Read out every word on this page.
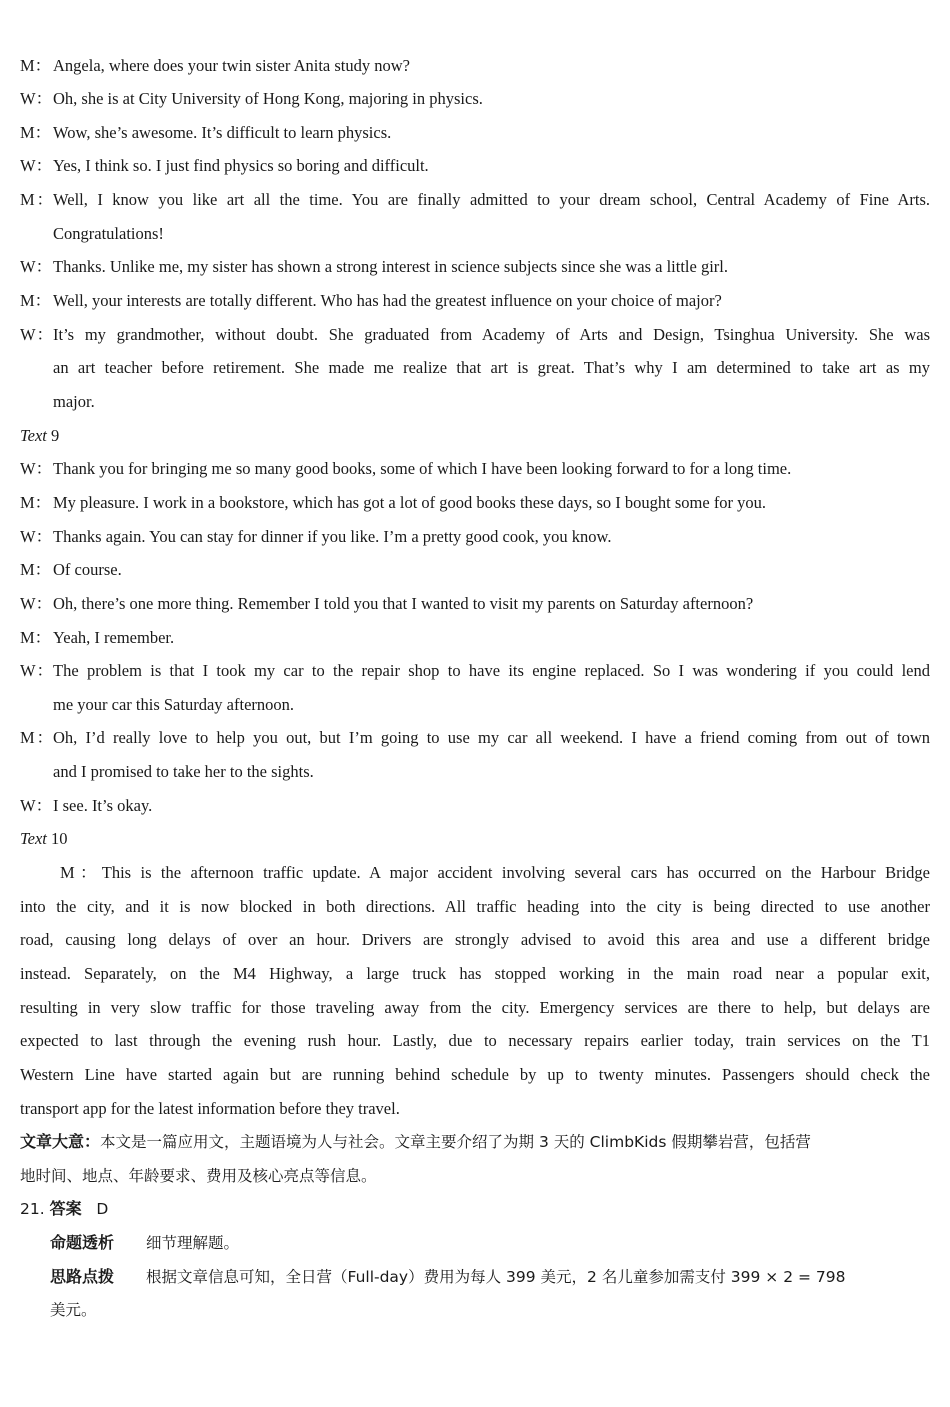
M： Angela, where does your twin sister Anita study now?
W：Oh, she is at City University of Hong Kong, majoring in physics.
M： Wow, she’s awesome. It’s difficult to learn physics.
W：Yes, I think so. I just find physics so boring and difficult.
M：Well, I know you like art all the time. You are finally admitted to your dream school, Central Academy of Fine Arts.
Congratulations!
W：Thanks. Unlike me, my sister has shown a strong interest in science subjects since she was a little girl.
M： Well, your interests are totally different. Who has had the greatest influence on your choice of major?
W：It’s my grandmother, without doubt. She graduated from Academy of Arts and Design, Tsinghua University. She was
an art teacher before retirement. She made me realize that art is great. That’s why I am determined to take art as my
major.
Text 9
W：Thank you for bringing me so many good books, some of which I have been looking forward to for a long time.
M： My pleasure. I work in a bookstore, which has got a lot of good books these days, so I bought some for you.
W：Thanks again. You can stay for dinner if you like. I’m a pretty good cook, you know.
M： Of course.
W：Oh, there’s one more thing. Remember I told you that I wanted to visit my parents on Saturday afternoon?
M： Yeah, I remember.
W：The problem is that I took my car to the repair shop to have its engine replaced. So I was wondering if you could lend
me your car this Saturday afternoon.
M：Oh, I’d really love to help you out, but I’m going to use my car all weekend. I have a friend coming from out of town
and I promised to take her to the sights.
W：I see. It’s okay.
Text 10
M：This is the afternoon traffic update. A major accident involving several cars has occurred on the Harbour Bridge
into the city, and it is now blocked in both directions. All traffic heading into the city is being directed to use another
road, causing long delays of over an hour. Drivers are strongly advised to avoid this area and use a different bridge
instead. Separately, on the M4 Highway, a large truck has stopped working in the main road near a popular exit,
resulting in very slow traffic for those traveling away from the city. Emergency services are there to help, but delays are
expected to last through the evening rush hour. Lastly, due to necessary repairs earlier today, train services on the T1
Western Line have started again but are running behind schedule by up to twenty minutes. Passengers should check the
transport app for the latest information before they travel.
文章大意：本文是一篇应用文，主题语境为人与社会。文章主要介绍了为期 3 天的 ClimbKids 假期攀岩营，包括营
地时间、地点、年龄要求、费用及核心亮点等信息。
21. 答案 D
命题透析 细节理解题。
思路点拨 根据文章信息可知，全日营（Full-day）费用为每人 399 美元，2 名儿童参加需支付 399 × 2 = 798
美元。
